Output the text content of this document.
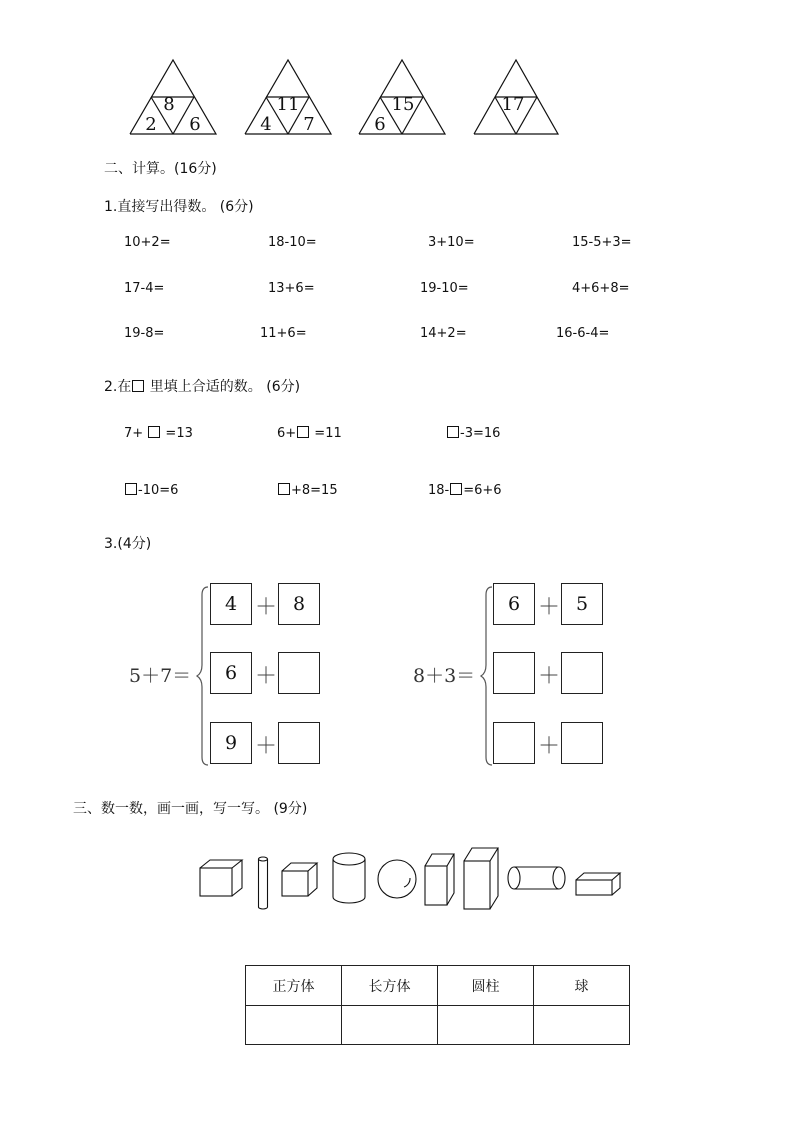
8
2 6
11
4 7
15
6
17
二、计算。(16分)
1.直接写出得数。 (6分)
10+2=	18-10=	3+10=	15-5+3=
17-4=	13+6=	19-10=	4+6+8=
19-8=	11+6=	14+2=	16-6-4=
2.在 里填上合适的数。 (6分)
7+  =13	6+ =11	-3=16
-10=6	+8=15	18- =6+6
3.(4分)
5＋7＝
4 ＋ 8
6 ＋
9 ＋
8＋3＝
6 ＋ 5
＋
＋
三、数一数，画一画，写一写。 (9分)
正方体	长方体	圆柱	球
